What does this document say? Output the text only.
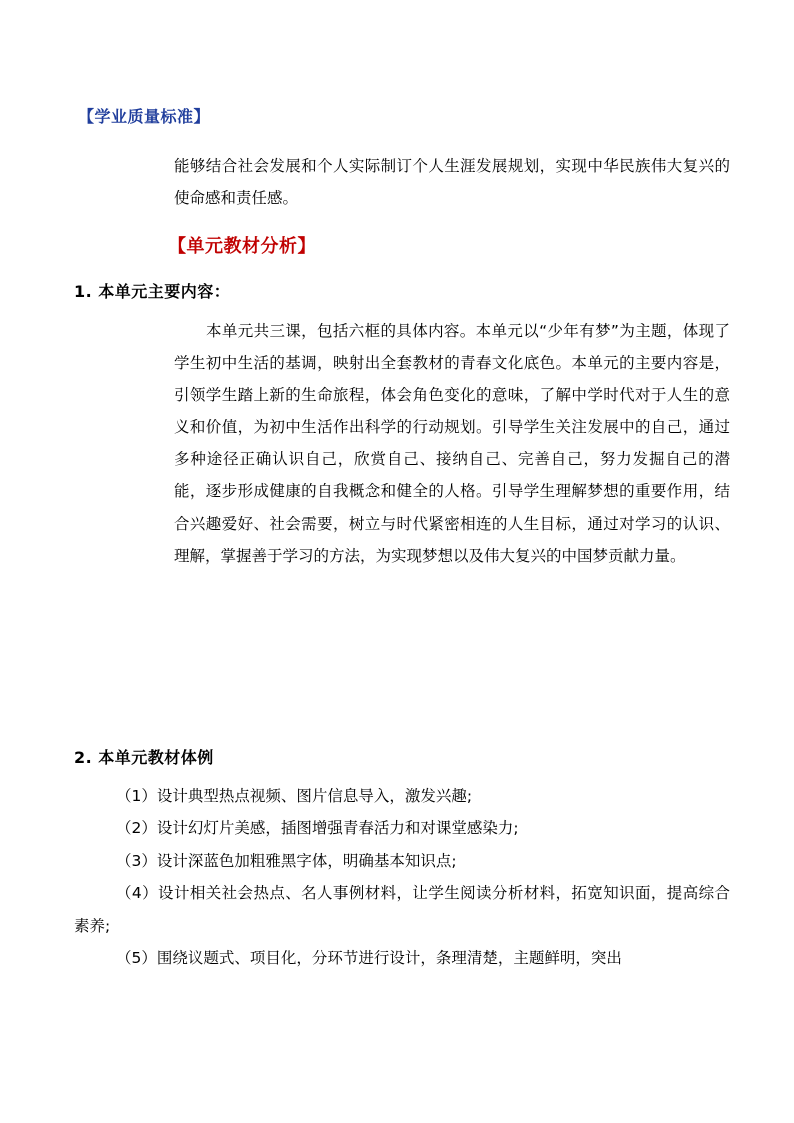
【学业质量标准】
能够结合社会发展和个人实际制订个人生涯发展规划，实现中华民族伟大复兴的使命感和责任感。
【单元教材分析】
1. 本单元主要内容：
本单元共三课，包括六框的具体内容。本单元以“少年有梦”为主题，体现了学生初中生活的基调，映射出全套教材的青春文化底色。本单元的主要内容是，引领学生踏上新的生命旅程，体会角色变化的意味，了解中学时代对于人生的意义和价值，为初中生活作出科学的行动规划。引导学生关注发展中的自己，通过多种途径正确认识自己，欣赏自己、接纳自己、完善自己，努力发掘自己的潜能，逐步形成健康的自我概念和健全的人格。引导学生理解梦想的重要作用，结合兴趣爱好、社会需要，树立与时代紧密相连的人生目标，通过对学习的认识、理解，掌握善于学习的方法，为实现梦想以及伟大复兴的中国梦贡献力量。
2. 本单元教材体例

（1）设计典型热点视频、图片信息导入，激发兴趣;

（2）设计幻灯片美感，插图增强青春活力和对课堂感染力;

（3）设计深蓝色加粗雅黑字体，明确基本知识点;

（4）设计相关社会热点、名人事例材料，让学生阅读分析材料，拓宽知识面，提高综合素养;

（5）围绕议题式、项目化，分环节进行设计，条理清楚，主题鲜明，突出
